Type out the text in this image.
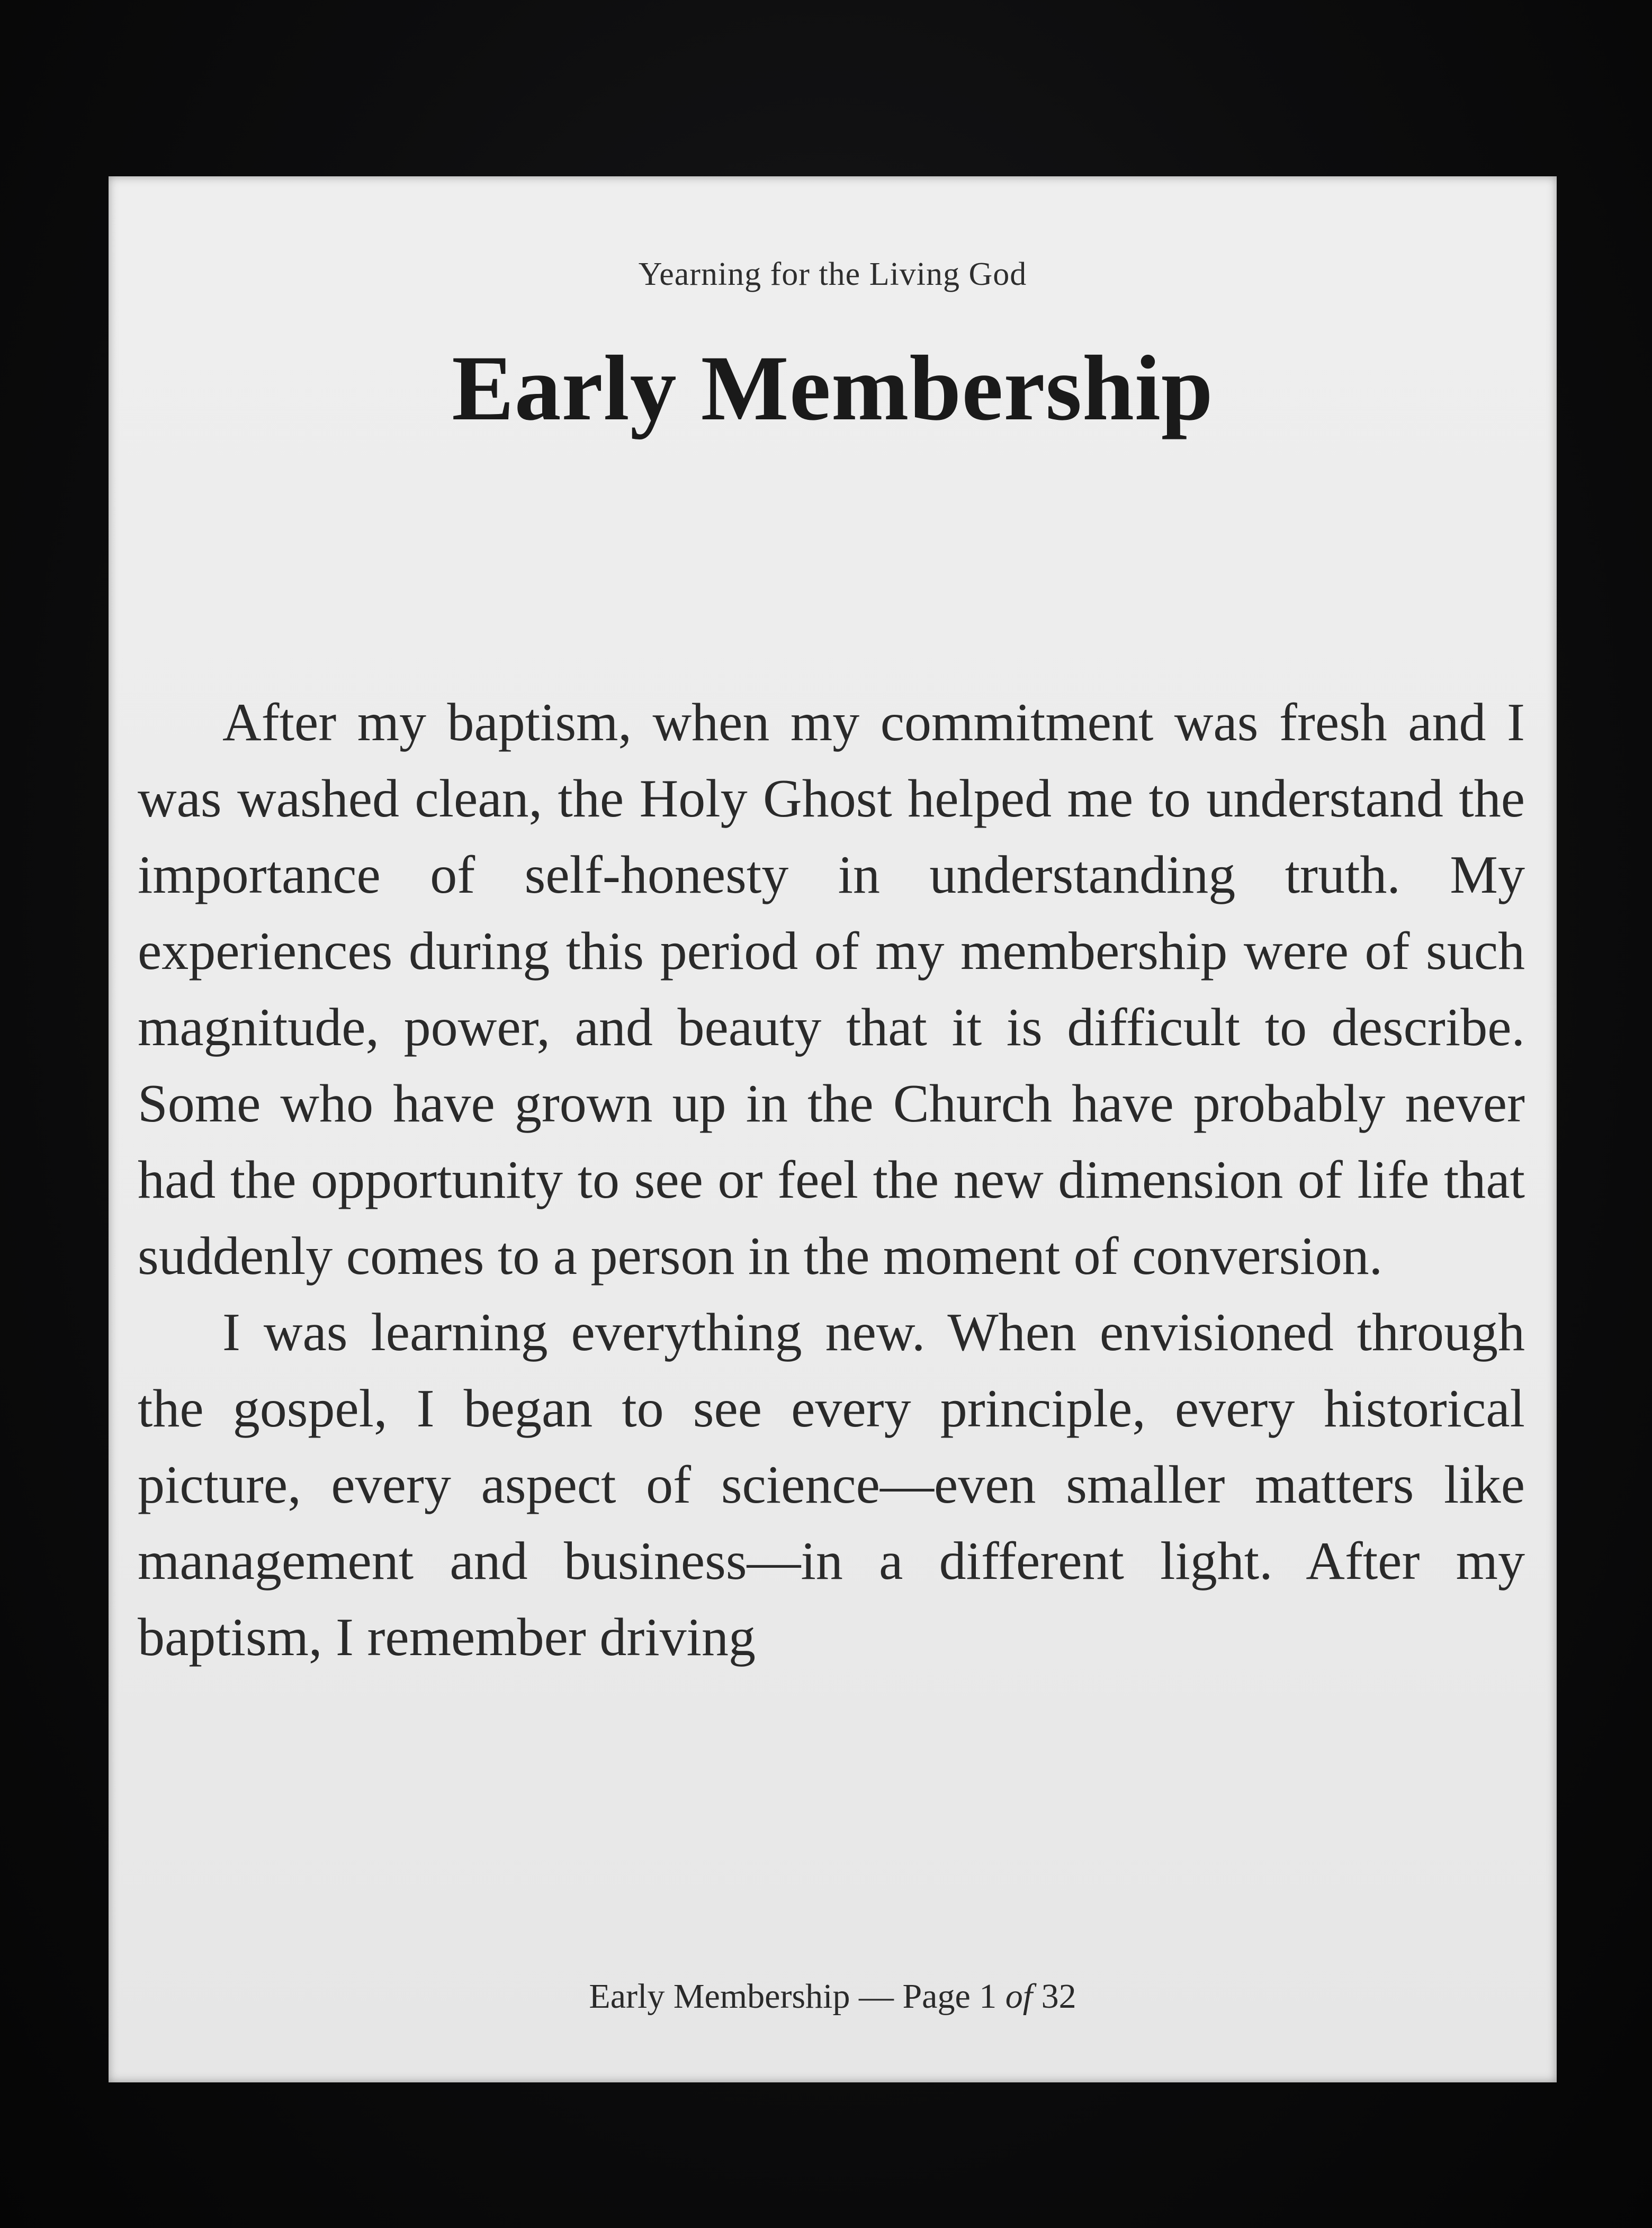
Yearning for the Living God
Early Membership

After my baptism, when my commitment was fresh and I was washed clean, the Holy Ghost helped me to understand the importance of self-honesty in understanding truth. My experiences during this period of my membership were of such magnitude, power, and beauty that it is difficult to describe. Some who have grown up in the Church have probably never had the opportunity to see or feel the new dimension of life that suddenly comes to a person in the moment of conversion.

I was learning everything new. When envisioned through the gospel, I began to see every principle, every historical picture, every aspect of science—even smaller matters like management and business—in a different light. After my baptism, I remember driving

Early Membership — Page 1 of 32
